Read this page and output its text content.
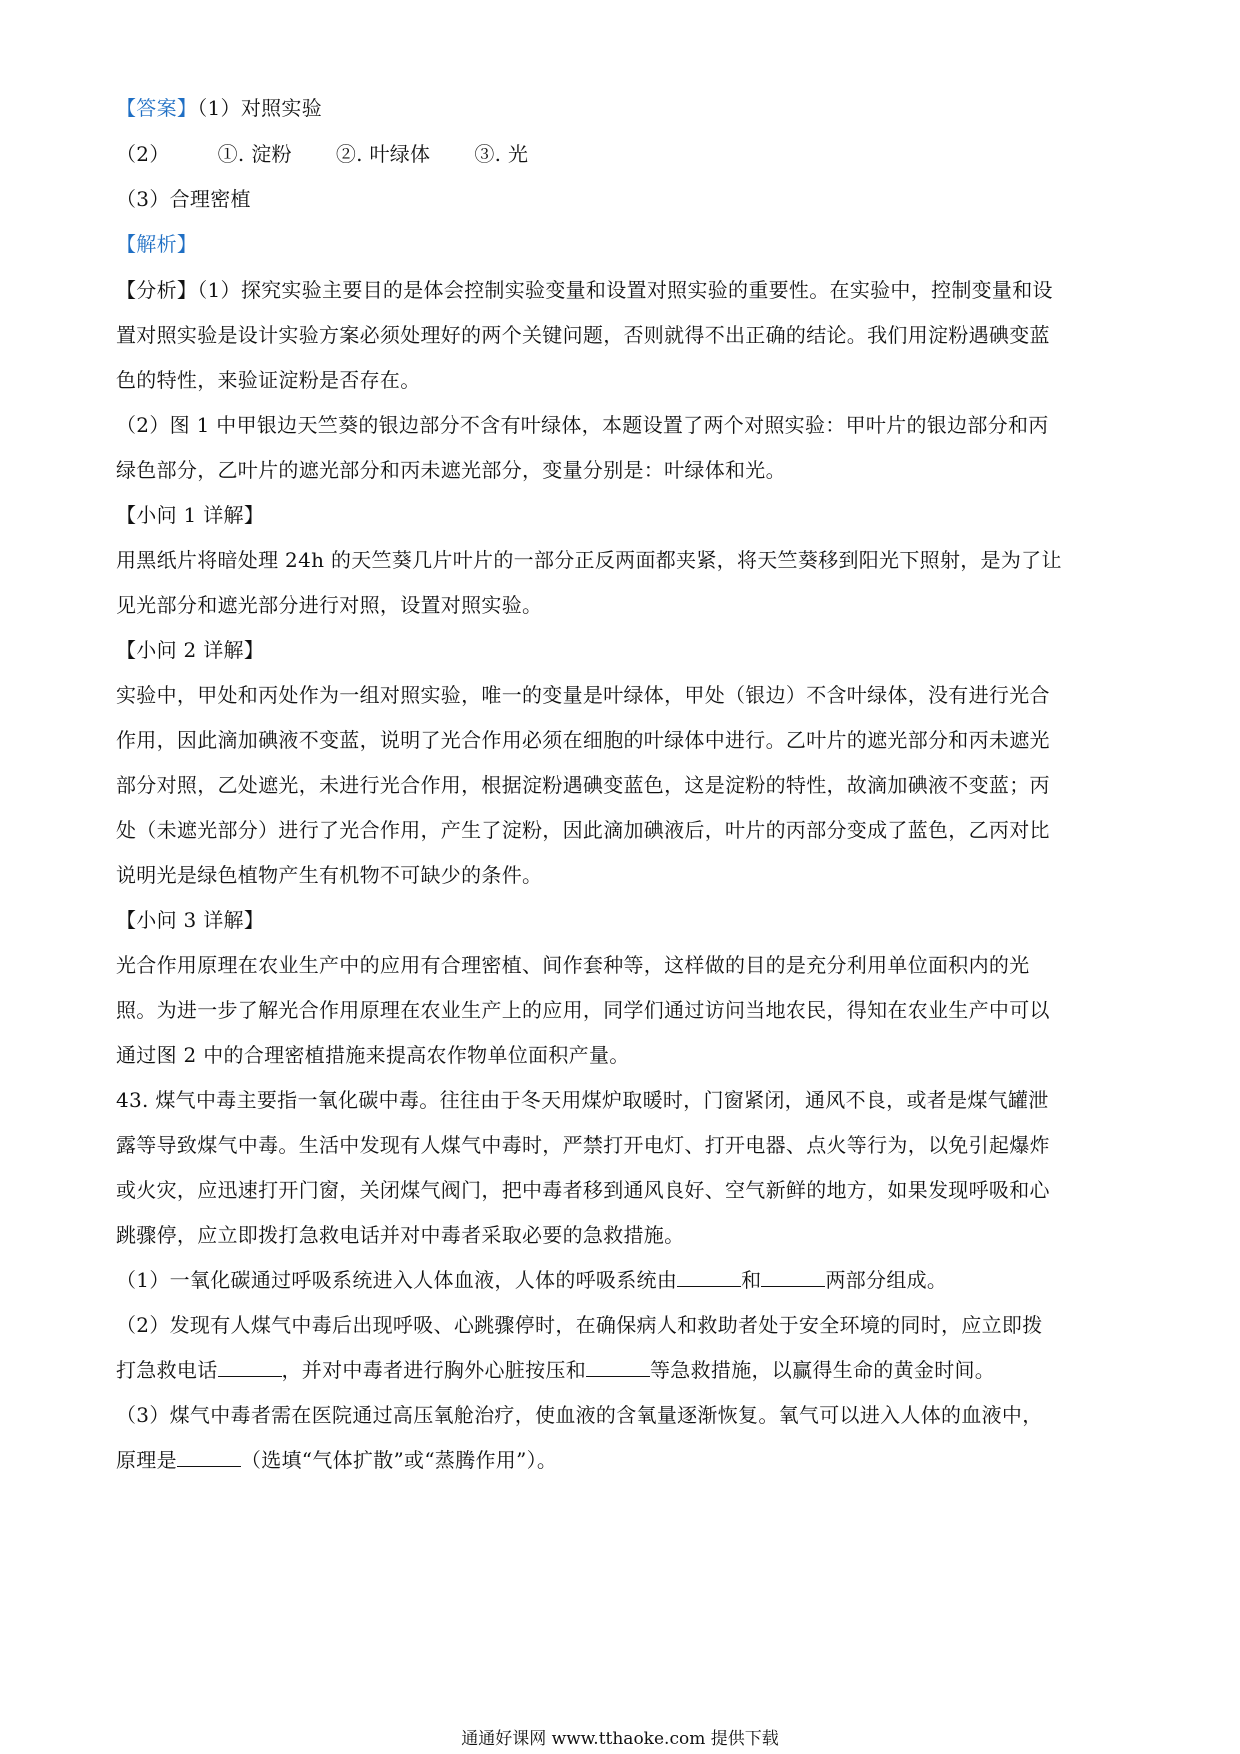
【答案】（1）对照实验
（2） ①. 淀粉 ②. 叶绿体 ③. 光
（3）合理密植
【解析】
【分析】（1）探究实验主要目的是体会控制实验变量和设置对照实验的重要性。在实验中，控制变量和设
置对照实验是设计实验方案必须处理好的两个关键问题，否则就得不出正确的结论。我们用淀粉遇碘变蓝
色的特性，来验证淀粉是否存在。
（2）图 1 中甲银边天竺葵的银边部分不含有叶绿体，本题设置了两个对照实验：甲叶片的银边部分和丙
绿色部分，乙叶片的遮光部分和丙未遮光部分，变量分别是：叶绿体和光。
【小问 1 详解】
用黑纸片将暗处理 24h 的天竺葵几片叶片的一部分正反两面都夹紧，将天竺葵移到阳光下照射，是为了让
见光部分和遮光部分进行对照，设置对照实验。
【小问 2 详解】
实验中，甲处和丙处作为一组对照实验，唯一的变量是叶绿体，甲处（银边）不含叶绿体，没有进行光合
作用，因此滴加碘液不变蓝，说明了光合作用必须在细胞的叶绿体中进行。乙叶片的遮光部分和丙未遮光
部分对照，乙处遮光，未进行光合作用，根据淀粉遇碘变蓝色，这是淀粉的特性，故滴加碘液不变蓝；丙
处（未遮光部分）进行了光合作用，产生了淀粉，因此滴加碘液后，叶片的丙部分变成了蓝色，乙丙对比
说明光是绿色植物产生有机物不可缺少的条件。
【小问 3 详解】
光合作用原理在农业生产中的应用有合理密植、间作套种等，这样做的目的是充分利用单位面积内的光
照。为进一步了解光合作用原理在农业生产上的应用，同学们通过访问当地农民，得知在农业生产中可以
通过图 2 中的合理密植措施来提高农作物单位面积产量。
43. 煤气中毒主要指一氧化碳中毒。往往由于冬天用煤炉取暖时，门窗紧闭，通风不良，或者是煤气罐泄
露等导致煤气中毒。生活中发现有人煤气中毒时，严禁打开电灯、打开电器、点火等行为，以免引起爆炸
或火灾，应迅速打开门窗，关闭煤气阀门，把中毒者移到通风良好、空气新鲜的地方，如果发现呼吸和心
跳骤停，应立即拨打急救电话并对中毒者采取必要的急救措施。
（1）一氧化碳通过呼吸系统进入人体血液，人体的呼吸系统由	和	两部分组成。
（2）发现有人煤气中毒后出现呼吸、心跳骤停时，在确保病人和救助者处于安全环境的同时，应立即拨
打急救电话	，并对中毒者进行胸外心脏按压和	等急救措施，以赢得生命的黄金时间。
（3）煤气中毒者需在医院通过高压氧舱治疗，使血液的含氧量逐渐恢复。氧气可以进入人体的血液中，
原理是	（选填“气体扩散”或“蒸腾作用”）。
通通好课网 www.tthaoke.com 提供下载
